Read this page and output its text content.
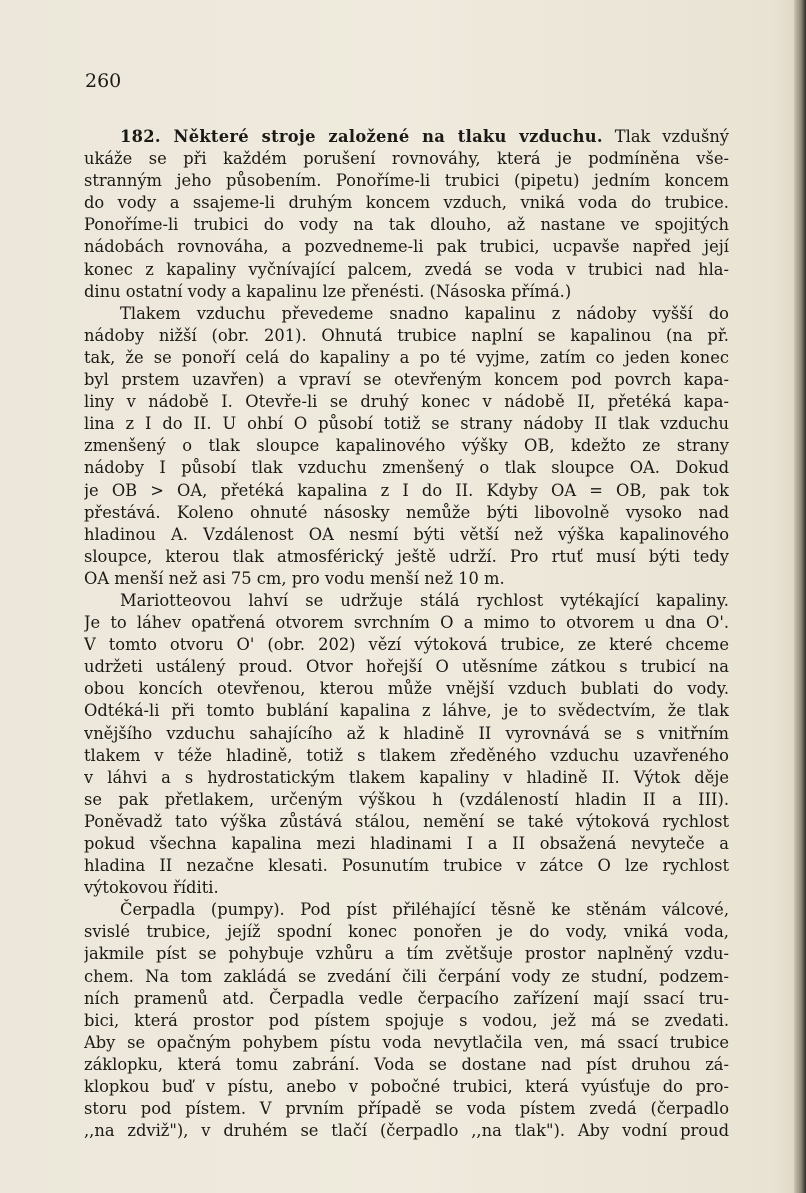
260
182. Některé stroje založené na tlaku vzduchu. Tlak vzdušný
ukáže se při každém porušení rovnováhy, která je podmíněna vše-
stranným jeho působením. Ponoříme-li trubici (pipetu) jedním koncem
do vody a ssajeme-li druhým koncem vzduch, vniká voda do trubice.
Ponoříme-li trubici do vody na tak dlouho, až nastane ve spojitých
nádobách rovnováha, a pozvedneme-li pak trubici, ucpavše napřed její
konec z kapaliny vyčnívající palcem, zvedá se voda v trubici nad hla-
dinu ostatní vody a kapalinu lze přenésti. (Násoska přímá.)
Tlakem vzduchu převedeme snadno kapalinu z nádoby vyšší do
nádoby nižší (obr. 201). Ohnutá trubice naplní se kapalinou (na př.
tak, že se ponoří celá do kapaliny a po té vyjme, zatím co jeden konec
byl prstem uzavřen) a vpraví se otevřeným koncem pod povrch kapa-
liny v nádobě I. Otevře-li se druhý konec v nádobě II, přetéká kapa-
lina z I do II. U ohbí O působí totiž se strany nádoby II tlak vzduchu
zmenšený o tlak sloupce kapalinového výšky OB, kdežto ze strany
nádoby I působí tlak vzduchu zmenšený o tlak sloupce OA. Dokud
je OB > OA, přetéká kapalina z I do II. Kdyby OA = OB, pak tok
přestává. Koleno ohnuté násosky nemůže býti libovolně vysoko nad
hladinou A. Vzdálenost OA nesmí býti větší než výška kapalinového
sloupce, kterou tlak atmosférický ještě udrží. Pro rtuť musí býti tedy
OA menší než asi 75 cm, pro vodu menší než 10 m.
Mariotteovou lahví se udržuje stálá rychlost vytékající kapaliny.
Je to láhev opatřená otvorem svrchním O a mimo to otvorem u dna O'.
V tomto otvoru O' (obr. 202) vězí výtoková trubice, ze které chceme
udržeti ustálený proud. Otvor hořejší O utěsníme zátkou s trubicí na
obou koncích otevřenou, kterou může vnější vzduch bublati do vody.
Odtéká-li při tomto bublání kapalina z láhve, je to svědectvím, že tlak
vnějšího vzduchu sahajícího až k hladině II vyrovnává se s vnitřním
tlakem v téže hladině, totiž s tlakem zředěného vzduchu uzavřeného
v láhvi a s hydrostatickým tlakem kapaliny v hladině II. Výtok děje
se pak přetlakem, určeným výškou h (vzdáleností hladin II a III).
Poněvadž tato výška zůstává stálou, nemění se také výtoková rychlost
pokud všechna kapalina mezi hladinami I a II obsažená nevyteče a
hladina II nezačne klesati. Posunutím trubice v zátce O lze rychlost
výtokovou říditi.
Čerpadla (pumpy). Pod píst přiléhající těsně ke stěnám válcové,
svislé trubice, jejíž spodní konec ponořen je do vody, vniká voda,
jakmile píst se pohybuje vzhůru a tím zvětšuje prostor naplněný vzdu-
chem. Na tom zakládá se zvedání čili čerpání vody ze studní, podzem-
ních pramenů atd. Čerpadla vedle čerpacího zařízení mají ssací tru-
bici, která prostor pod pístem spojuje s vodou, jež má se zvedati.
Aby se opačným pohybem pístu voda nevytlačila ven, má ssací trubice
záklopku, která tomu zabrání. Voda se dostane nad píst druhou zá-
klopkou buď v pístu, anebo v pobočné trubici, která vyúsťuje do pro-
storu pod pístem. V prvním případě se voda pístem zvedá (čerpadlo
,,na zdviž"), v druhém se tlačí (čerpadlo ,,na tlak"). Aby vodní proud
